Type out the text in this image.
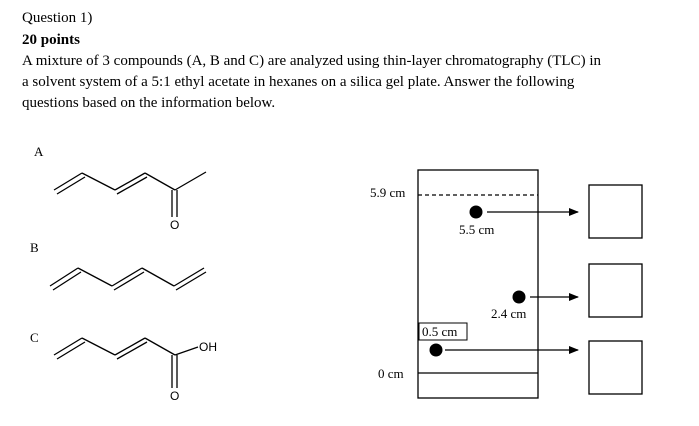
Question 1)
20 points
A mixture of 3 compounds (A, B and C) are analyzed using thin-layer chromatography (TLC) in
a solvent system of a 5:1 ethyl acetate in hexanes on a silica gel plate. Answer the following
questions based on the information below.
A
O
B
C
OH
O
5.9 cm
0 cm
5.5 cm
2.4 cm
0.5 cm
